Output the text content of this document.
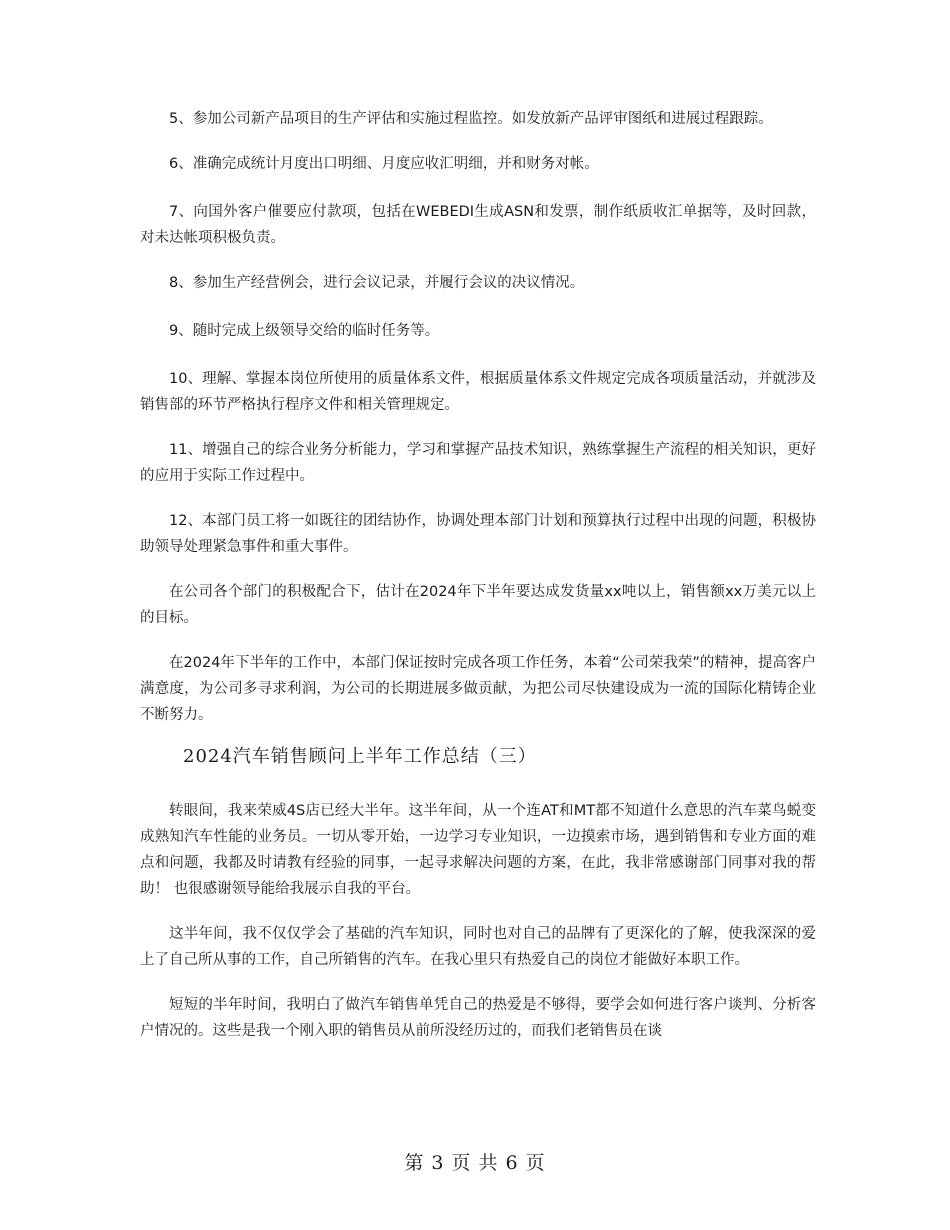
5、参加公司新产品项目的生产评估和实施过程监控。如发放新产品评审图纸和进展过程跟踪。

6、准确完成统计月度出口明细、月度应收汇明细，并和财务对帐。

7、向国外客户催要应付款项，包括在WEBEDI生成ASN和发票，制作纸质收汇单据等，及时回款，对未达帐项积极负责。

8、参加生产经营例会，进行会议记录，并履行会议的决议情况。

9、随时完成上级领导交给的临时任务等。

10、理解、掌握本岗位所使用的质量体系文件，根据质量体系文件规定完成各项质量活动，并就涉及销售部的环节严格执行程序文件和相关管理规定。

11、增强自己的综合业务分析能力，学习和掌握产品技术知识，熟练掌握生产流程的相关知识，更好的应用于实际工作过程中。

12、本部门员工将一如既往的团结协作，协调处理本部门计划和预算执行过程中出现的问题，积极协助领导处理紧急事件和重大事件。

在公司各个部门的积极配合下，估计在2024年下半年要达成发货量xx吨以上，销售额xx万美元以上的目标。

在2024年下半年的工作中，本部门保证按时完成各项工作任务，本着“公司荣我荣”的精神，提高客户满意度，为公司多寻求利润，为公司的长期进展多做贡献，为把公司尽快建设成为一流的国际化精铸企业不断努力。

2024汽车销售顾问上半年工作总结（三）

转眼间，我来荣威4S店已经大半年。这半年间，从一个连AT和MT都不知道什么意思的汽车菜鸟蜕变成熟知汽车性能的业务员。一切从零开始，一边学习专业知识，一边摸索市场，遇到销售和专业方面的难点和问题，我都及时请教有经验的同事，一起寻求解决问题的方案，在此，我非常感谢部门同事对我的帮助！ 也很感谢领导能给我展示自我的平台。

这半年间，我不仅仅学会了基础的汽车知识，同时也对自己的品牌有了更深化的了解，使我深深的爱上了自己所从事的工作，自己所销售的汽车。在我心里只有热爱自己的岗位才能做好本职工作。

短短的半年时间，我明白了做汽车销售单凭自己的热爱是不够得，要学会如何进行客户谈判、分析客户情况的。这些是我一个刚入职的销售员从前所没经历过的，而我们老销售员在谈

第 3 页 共 6 页
